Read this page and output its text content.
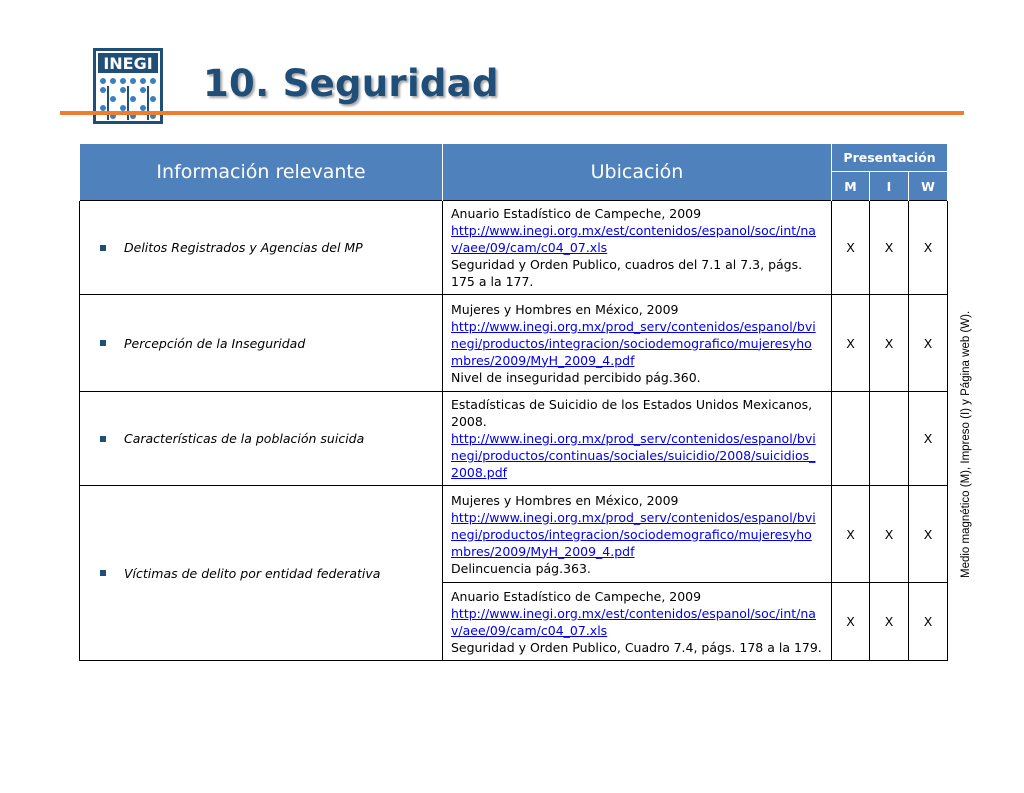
INEGI 10. Seguridad
Información relevante	Ubicación	Presentación		
		M	I	W
Delitos Registrados y Agencias del MP	Anuario Estadístico de Campeche, 2009
http://www.inegi.org.mx/est/contenidos/espanol/soc/int/nav/aee/09/cam/c04_07.xls
Seguridad y Orden Publico, cuadros del 7.1 al 7.3, págs. 175 a la 177.	X	X	X
Percepción de la Inseguridad	Mujeres y Hombres en México, 2009
http://www.inegi.org.mx/prod_serv/contenidos/espanol/bvinegi/productos/integracion/sociodemografico/mujeresyhombres/2009/MyH_2009_4.pdf
Nivel de inseguridad percibido pág.360.	X	X	X
Características de la población suicida	Estadísticas de Suicidio de los Estados Unidos Mexicanos, 2008.
http://www.inegi.org.mx/prod_serv/contenidos/espanol/bvinegi/productos/continuas/sociales/suicidio/2008/suicidios_2008.pdf			X
Víctimas de delito por entidad federativa	Mujeres y Hombres en México, 2009
http://www.inegi.org.mx/prod_serv/contenidos/espanol/bvinegi/productos/integracion/sociodemografico/mujeresyhombres/2009/MyH_2009_4.pdf
Delincuencia pág.363.	X	X	X

	Anuario Estadístico de Campeche, 2009
http://www.inegi.org.mx/est/contenidos/espanol/soc/int/nav/aee/09/cam/c04_07.xls
Seguridad y Orden Publico, Cuadro 7.4, págs. 178 a la 179.	X	X	X
Medio magnético (M), Impreso (I) y Página web (W).
